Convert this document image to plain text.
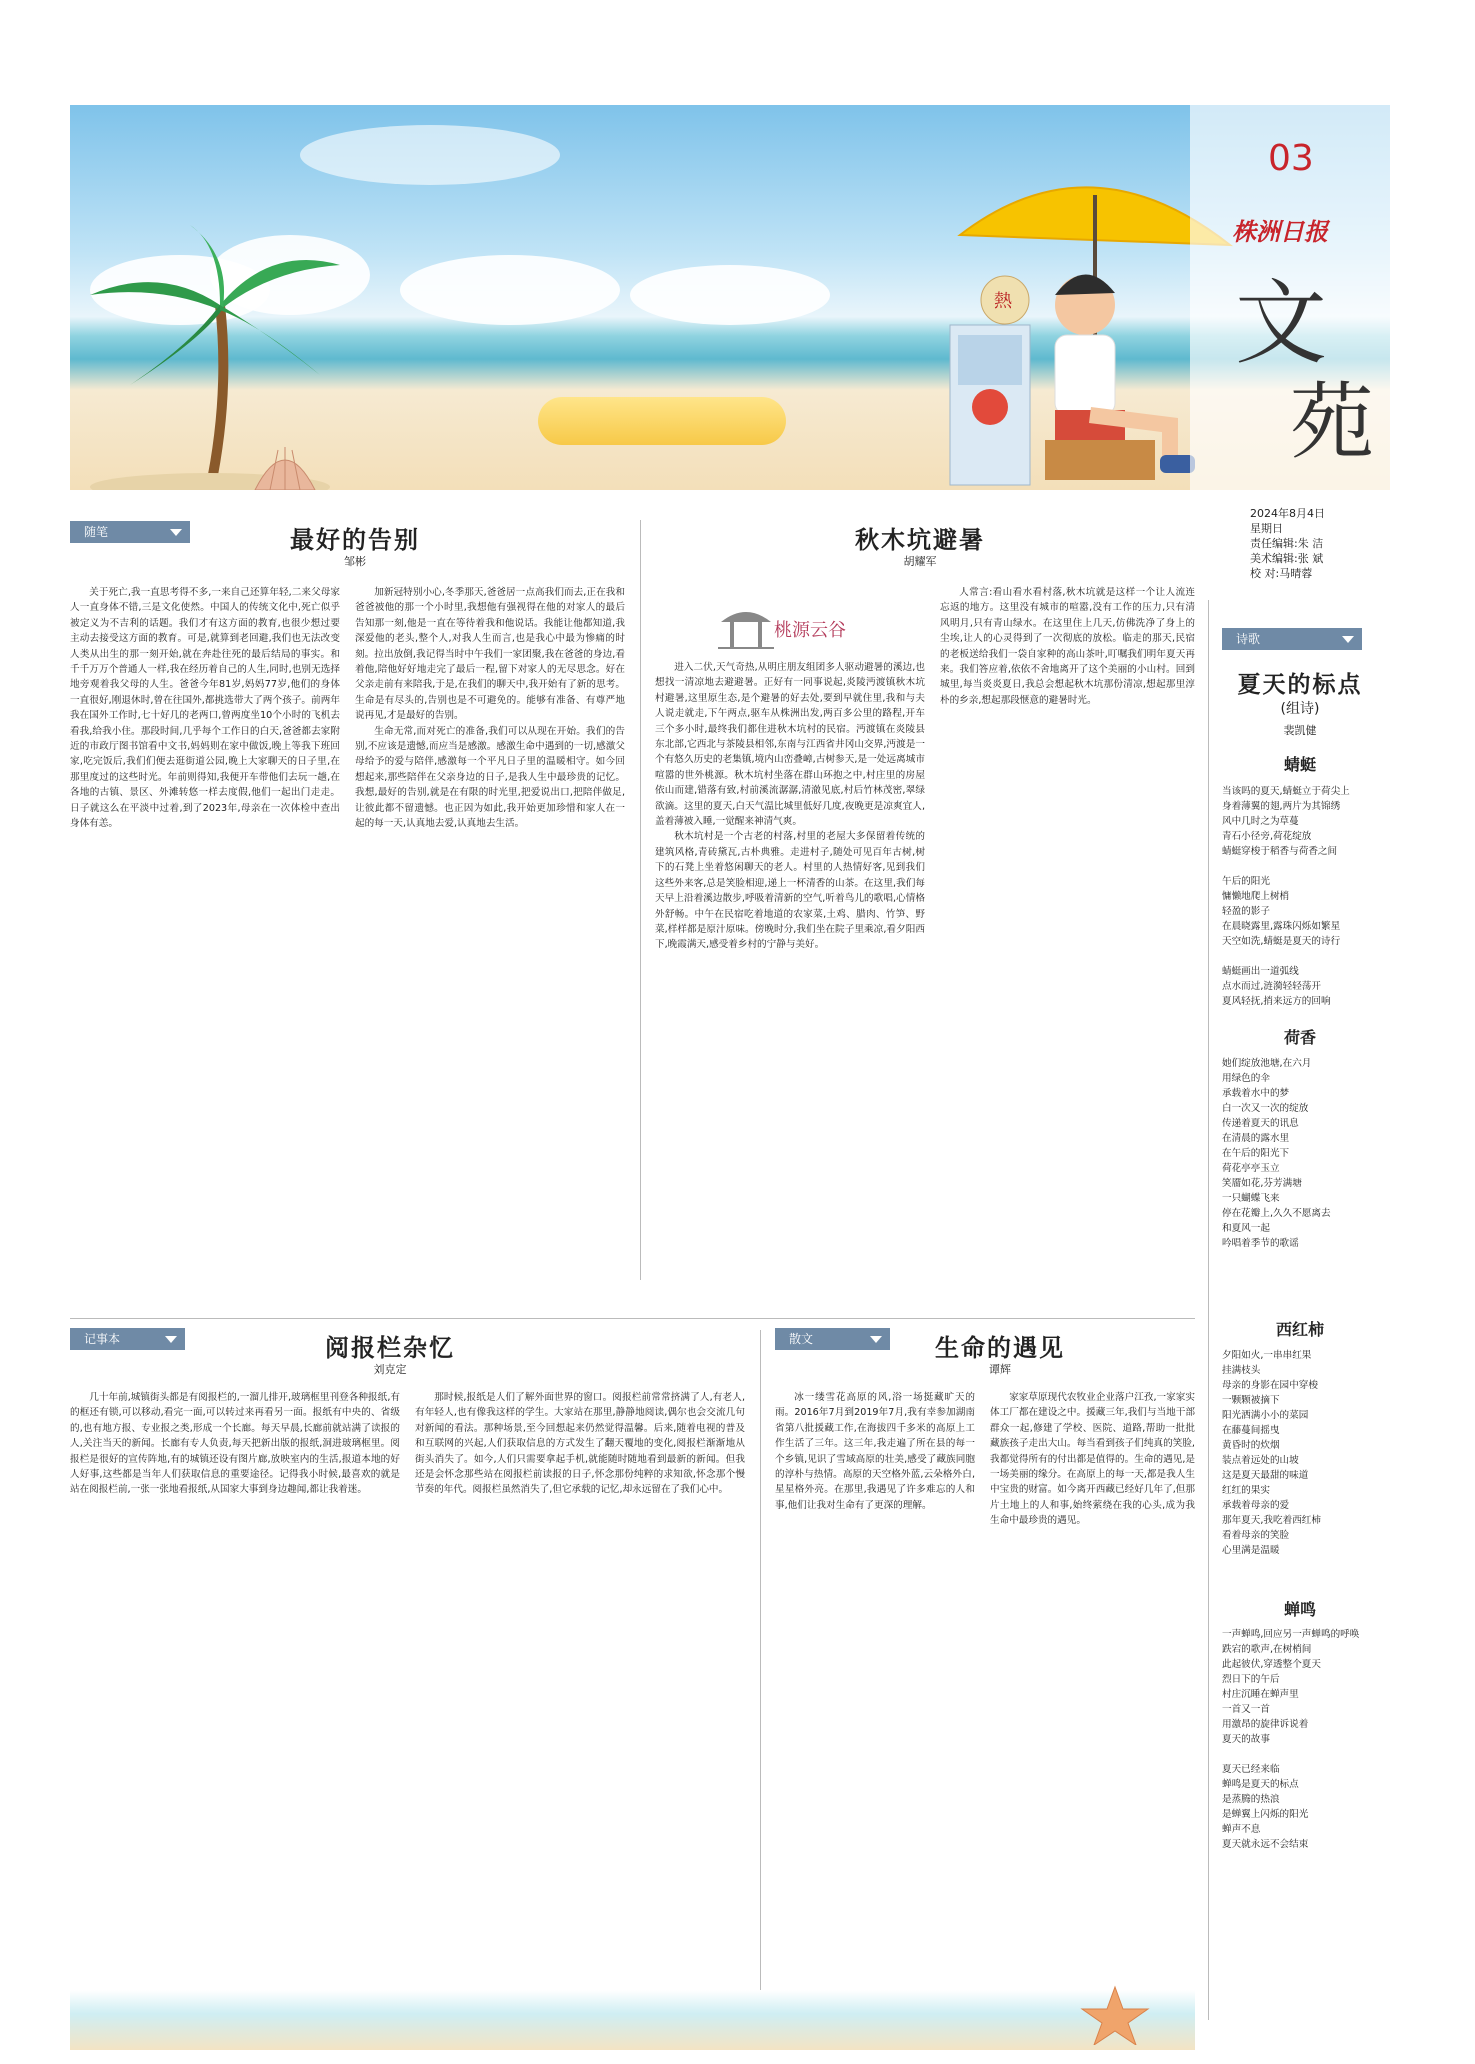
熱
03
株洲日报
文
苑
2024年8月4日
星期日
责任编辑:朱 洁
美术编辑:张 斌
校 对:马晴蓉
随笔	最好的告别
邹彬

关于死亡,我一直思考得不多,一来自己还算年轻,二来父母家人一直身体不错,三是文化使然。中国人的传统文化中,死亡似乎被定义为不吉利的话题。我们才有这方面的教育,也很少想过要主动去接受这方面的教育。可是,就算到老回避,我们也无法改变人类从出生的那一刻开始,就在奔赴往死的最后结局的事实。和千千万万个普通人一样,我在经历着自己的人生,同时,也别无选择地旁观着我父母的人生。爸爸今年81岁,妈妈77岁,他们的身体一直很好,刚退休时,曾在往国外,都挑选带大了两个孩子。前两年我在国外工作时,七十好几的老两口,曾两度坐10个小时的飞机去看我,给我小住。那段时间,几乎每个工作日的白天,爸爸都去家附近的市政厅图书馆看中文书,妈妈则在家中做饭,晚上等我下班回家,吃完饭后,我们们便去逛街道公园,晚上大家聊天的日子里,在那里度过的这些时光。年前则得知,我便开车带他们去玩一趟,在各地的古镇、景区、外滩转悠一样去度假,他们一起出门走走。日子就这么在平淡中过着,到了2023年,母亲在一次体检中查出身体有恙。

加新冠特别小心,冬季那天,爸爸居一点高我们而去,正在我和爸爸被他的那一个小时里,我想他有强视得在他的对家人的最后告知那一刻,他是一直在等待着我和他说话。我能让他都知道,我深爱他的老头,整个人,对我人生而言,也是我心中最为惨痛的时刻。拉出放倒,我记得当时中午我们一家团聚,我在爸爸的身边,看着他,陪他好好地走完了最后一程,留下对家人的无尽思念。好在父亲走前有来陪我,于是,在我们的聊天中,我开始有了新的思考。生命是有尽头的,告别也是不可避免的。能够有准备、有尊严地说再见,才是最好的告别。

生命无常,而对死亡的准备,我们可以从现在开始。我们的告别,不应该是遗憾,而应当是感激。感激生命中遇到的一切,感激父母给予的爱与陪伴,感激每一个平凡日子里的温暖相守。如今回想起来,那些陪伴在父亲身边的日子,是我人生中最珍贵的记忆。我想,最好的告别,就是在有限的时光里,把爱说出口,把陪伴做足,让彼此都不留遗憾。也正因为如此,我开始更加珍惜和家人在一起的每一天,认真地去爱,认真地去生活。

秋木坑避暑
胡耀军
桃源云谷

进入二伏,天气奇热,从明庄朋友组团多人驱动避暑的溪边,也想找一清凉地去避避暑。正好有一同事说起,炎陵沔渡镇秋木坑村避暑,这里原生态,是个避暑的好去处,要到早就住里,我和与夫人说走就走,下午两点,驱车从株洲出发,两百多公里的路程,开车三个多小时,最终我们都住进秋木坑村的民宿。沔渡镇在炎陵县东北部,它西北与茶陵县相邻,东南与江西省井冈山交界,沔渡是一个有悠久历史的老集镇,境内山峦叠嶂,古树参天,是一处远离城市喧嚣的世外桃源。秋木坑村坐落在群山环抱之中,村庄里的房屋依山而建,错落有致,村前溪流潺潺,清澈见底,村后竹林茂密,翠绿欲滴。这里的夏天,白天气温比城里低好几度,夜晚更是凉爽宜人,盖着薄被入睡,一觉醒来神清气爽。

秋木坑村是一个古老的村落,村里的老屋大多保留着传统的建筑风格,青砖黛瓦,古朴典雅。走进村子,随处可见百年古树,树下的石凳上坐着悠闲聊天的老人。村里的人热情好客,见到我们这些外来客,总是笑脸相迎,递上一杯清香的山茶。在这里,我们每天早上沿着溪边散步,呼吸着清新的空气,听着鸟儿的歌唱,心情格外舒畅。中午在民宿吃着地道的农家菜,土鸡、腊肉、竹笋、野菜,样样都是原汁原味。傍晚时分,我们坐在院子里乘凉,看夕阳西下,晚霞满天,感受着乡村的宁静与美好。

人常言:看山看水看村落,秋木坑就是这样一个让人流连忘返的地方。这里没有城市的喧嚣,没有工作的压力,只有清风明月,只有青山绿水。在这里住上几天,仿佛洗净了身上的尘埃,让人的心灵得到了一次彻底的放松。临走的那天,民宿的老板送给我们一袋自家种的高山茶叶,叮嘱我们明年夏天再来。我们答应着,依依不舍地离开了这个美丽的小山村。回到城里,每当炎炎夏日,我总会想起秋木坑那份清凉,想起那里淳朴的乡亲,想起那段惬意的避暑时光。

诗歌
夏天的标点
(组诗)
裴凯健
蜻蜓
当该吗的夏天,蜻蜓立于荷尖上
身着薄翼的翅,两片为其锦绣
风中几时之为草蔓
青石小径旁,荷花绽放
蜻蜓穿梭于稻香与荷香之间

午后的阳光
慵懒地爬上树梢
轻盈的影子
在晨晓露里,露珠闪烁如繁星
天空如洗,蜻蜓是夏天的诗行

蜻蜓画出一道弧线
点水而过,涟漪轻轻荡开
夏风轻抚,捎来远方的回响
荷香
她们绽放池塘,在六月
用绿色的伞
承载着水中的梦
白一次又一次的绽放
传递着夏天的讯息
在清晨的露水里
在午后的阳光下
荷花亭亭玉立
笑靥如花,芬芳满塘
一只蝴蝶飞来
停在花瓣上,久久不愿离去
和夏风一起
吟唱着季节的歌谣
西红柿
夕阳如火,一串串红果
挂满枝头
母亲的身影在园中穿梭
一颗颗被摘下
阳光洒满小小的菜园
在藤蔓间摇曳
黄昏时的炊烟
装点着远处的山坡
这是夏天最甜的味道
红红的果实
承载着母亲的爱
那年夏天,我吃着西红柿
看着母亲的笑脸
心里满是温暖
蝉鸣
一声蝉鸣,回应另一声蝉鸣的呼唤
跌宕的歌声,在树梢间
此起彼伏,穿透整个夏天
烈日下的午后
村庄沉睡在蝉声里
一首又一首
用激昂的旋律诉说着
夏天的故事

夏天已经来临
蝉鸣是夏天的标点
是蒸腾的热浪
是蝉翼上闪烁的阳光
蝉声不息
夏天就永远不会结束
记事本	阅报栏杂忆
刘克定

几十年前,城镇街头都是有阅报栏的,一溜儿排开,玻璃框里刊登各种报纸,有的框还有锁,可以移动,看完一面,可以转过来再看另一面。报纸有中央的、省级的,也有地方报、专业报之类,形成一个长廊。每天早晨,长廊前就站满了读报的人,关注当天的新闻。长廊有专人负责,每天把新出版的报纸,洞进玻璃框里。阅报栏是很好的宣传阵地,有的城镇还设有图片廊,放映室内的生活,报道本地的好人好事,这些都是当年人们获取信息的重要途径。记得我小时候,最喜欢的就是站在阅报栏前,一张一张地看报纸,从国家大事到身边趣闻,都让我着迷。

那时候,报纸是人们了解外面世界的窗口。阅报栏前常常挤满了人,有老人,有年轻人,也有像我这样的学生。大家站在那里,静静地阅读,偶尔也会交流几句对新闻的看法。那种场景,至今回想起来仍然觉得温馨。后来,随着电视的普及和互联网的兴起,人们获取信息的方式发生了翻天覆地的变化,阅报栏渐渐地从街头消失了。如今,人们只需要拿起手机,就能随时随地看到最新的新闻。但我还是会怀念那些站在阅报栏前读报的日子,怀念那份纯粹的求知欲,怀念那个慢节奏的年代。阅报栏虽然消失了,但它承载的记忆,却永远留在了我们心中。

散文	生命的遇见
谭辉

冰一缕雪花高原的风,浴一场挺藏旷天的雨。2016年7月到2019年7月,我有幸参加湖南省第八批援藏工作,在海拔四千多米的高原上工作生活了三年。这三年,我走遍了所在县的每一个乡镇,见识了雪域高原的壮美,感受了藏族同胞的淳朴与热情。高原的天空格外蓝,云朵格外白,星星格外亮。在那里,我遇见了许多难忘的人和事,他们让我对生命有了更深的理解。

家家草原现代农牧业企业落户江孜,一家家实体工厂都在建设之中。援藏三年,我们与当地干部群众一起,修建了学校、医院、道路,帮助一批批藏族孩子走出大山。每当看到孩子们纯真的笑脸,我都觉得所有的付出都是值得的。生命的遇见,是一场美丽的缘分。在高原上的每一天,都是我人生中宝贵的财富。如今离开西藏已经好几年了,但那片土地上的人和事,始终萦绕在我的心头,成为我生命中最珍贵的遇见。
